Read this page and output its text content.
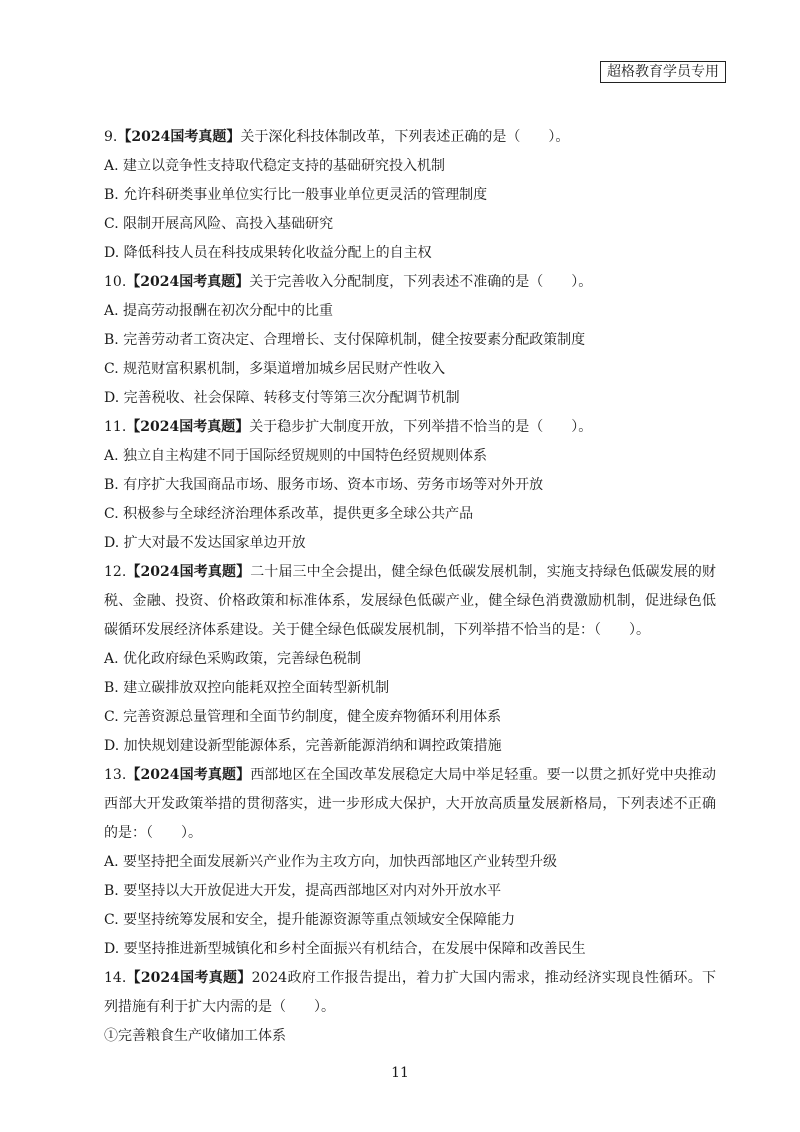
超格教育学员专用

9.【2024国考真题】关于深化科技体制改革，下列表述正确的是（　　）。

A. 建立以竞争性支持取代稳定支持的基础研究投入机制

B. 允许科研类事业单位实行比一般事业单位更灵活的管理制度

C. 限制开展高风险、高投入基础研究

D. 降低科技人员在科技成果转化收益分配上的自主权

10.【2024国考真题】关于完善收入分配制度，下列表述不准确的是（　　）。

A. 提高劳动报酬在初次分配中的比重

B. 完善劳动者工资决定、合理增长、支付保障机制，健全按要素分配政策制度

C. 规范财富积累机制，多渠道增加城乡居民财产性收入

D. 完善税收、社会保障、转移支付等第三次分配调节机制

11.【2024国考真题】关于稳步扩大制度开放，下列举措不恰当的是（　　）。

A. 独立自主构建不同于国际经贸规则的中国特色经贸规则体系

B. 有序扩大我国商品市场、服务市场、资本市场、劳务市场等对外开放

C. 积极参与全球经济治理体系改革，提供更多全球公共产品

D. 扩大对最不发达国家单边开放

12.【2024国考真题】二十届三中全会提出，健全绿色低碳发展机制，实施支持绿色低碳发展的财税、金融、投资、价格政策和标准体系，发展绿色低碳产业，健全绿色消费激励机制，促进绿色低碳循环发展经济体系建设。关于健全绿色低碳发展机制，下列举措不恰当的是：（　　）。

A. 优化政府绿色采购政策，完善绿色税制

B. 建立碳排放双控向能耗双控全面转型新机制

C. 完善资源总量管理和全面节约制度，健全废弃物循环利用体系

D. 加快规划建设新型能源体系，完善新能源消纳和调控政策措施

13.【2024国考真题】西部地区在全国改革发展稳定大局中举足轻重。要一以贯之抓好党中央推动西部大开发政策举措的贯彻落实，进一步形成大保护，大开放高质量发展新格局，下列表述不正确的是：（　　）。

A. 要坚持把全面发展新兴产业作为主攻方向，加快西部地区产业转型升级

B. 要坚持以大开放促进大开发，提高西部地区对内对外开放水平

C. 要坚持统筹发展和安全，提升能源资源等重点领域安全保障能力

D. 要坚持推进新型城镇化和乡村全面振兴有机结合，在发展中保障和改善民生

14.【2024国考真题】2024政府工作报告提出，着力扩大国内需求，推动经济实现良性循环。下列措施有利于扩大内需的是（　　）。

①完善粮食生产收储加工体系

11
